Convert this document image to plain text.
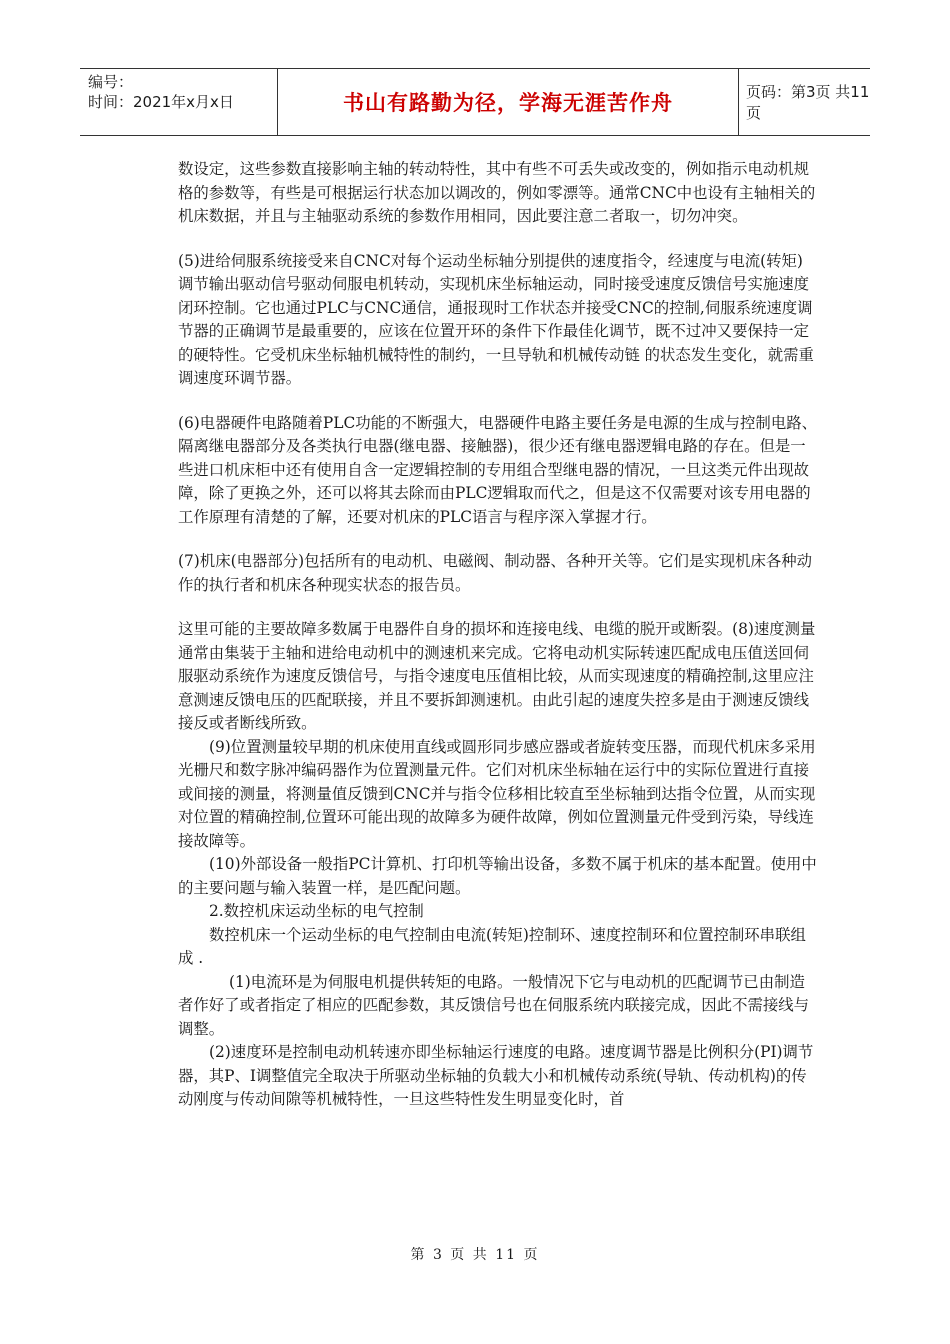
编号：
时间：2021年x月x日	书山有路勤为径，学海无涯苦作舟	页码：第3页 共11页

数设定，这些参数直接影响主轴的转动特性，其中有些不可丢失或改变的，例如指示电动机规格的参数等，有些是可根据运行状态加以调改的，例如零漂等。通常CNC中也设有主轴相关的机床数据，并且与主轴驱动系统的参数作用相同，因此要注意二者取一，切勿冲突。

(5)进给伺服系统接受来自CNC对每个运动坐标轴分别提供的速度指令，经速度与电流(转矩)调节输出驱动信号驱动伺服电机转动，实现机床坐标轴运动，同时接受速度反馈信号实施速度闭环控制。它也通过PLC与CNC通信，通报现时工作状态并接受CNC的控制,伺服系统速度调节器的正确调节是最重要的，应该在位置开环的条件下作最佳化调节，既不过冲又要保持一定的硬特性。它受机床坐标轴机械特性的制约，一旦导轨和机械传动链 的状态发生变化，就需重调速度环调节器。

(6)电器硬件电路随着PLC功能的不断强大，电器硬件电路主要任务是电源的生成与控制电路、隔离继电器部分及各类执行电器(继电器、接触器)，很少还有继电器逻辑电路的存在。但是一些进口机床柜中还有使用自含一定逻辑控制的专用组合型继电器的情况，一旦这类元件出现故障，除了更换之外，还可以将其去除而由PLC逻辑取而代之，但是这不仅需要对该专用电器的工作原理有清楚的了解，还要对机床的PLC语言与程序深入掌握才行。

(7)机床(电器部分)包括所有的电动机、电磁阀、制动器、各种开关等。它们是实现机床各种动作的执行者和机床各种现实状态的报告员。

这里可能的主要故障多数属于电器件自身的损坏和连接电线、电缆的脱开或断裂。(8)速度测量通常由集装于主轴和进给电动机中的测速机来完成。它将电动机实际转速匹配成电压值送回伺服驱动系统作为速度反馈信号，与指令速度电压值相比较，从而实现速度的精确控制,这里应注意测速反馈电压的匹配联接，并且不要拆卸测速机。由此引起的速度失控多是由于测速反馈线接反或者断线所致。

(9)位置测量较早期的机床使用直线或圆形同步感应器或者旋转变压器，而现代机床多采用光栅尺和数字脉冲编码器作为位置测量元件。它们对机床坐标轴在运行中的实际位置进行直接或间接的测量，将测量值反馈到CNC并与指令位移相比较直至坐标轴到达指令位置，从而实现对位置的精确控制,位置环可能出现的故障多为硬件故障，例如位置测量元件受到污染，导线连接故障等。

(10)外部设备一般指PC计算机、打印机等输出设备，多数不属于机床的基本配置。使用中的主要问题与输入装置一样，是匹配问题。

2.数控机床运动坐标的电气控制

数控机床一个运动坐标的电气控制由电流(转矩)控制环、速度控制环和位置控制环串联组成 .

(1)电流环是为伺服电机提供转矩的电路。一般情况下它与电动机的匹配调节已由制造者作好了或者指定了相应的匹配参数，其反馈信号也在伺服系统内联接完成，因此不需接线与调整。

(2)速度环是控制电动机转速亦即坐标轴运行速度的电路。速度调节器是比例积分(PI)调节器，其P、I调整值完全取决于所驱动坐标轴的负载大小和机械传动系统(导轨、传动机构)的传动刚度与传动间隙等机械特性，一旦这些特性发生明显变化时，首

第 3 页 共 11 页
